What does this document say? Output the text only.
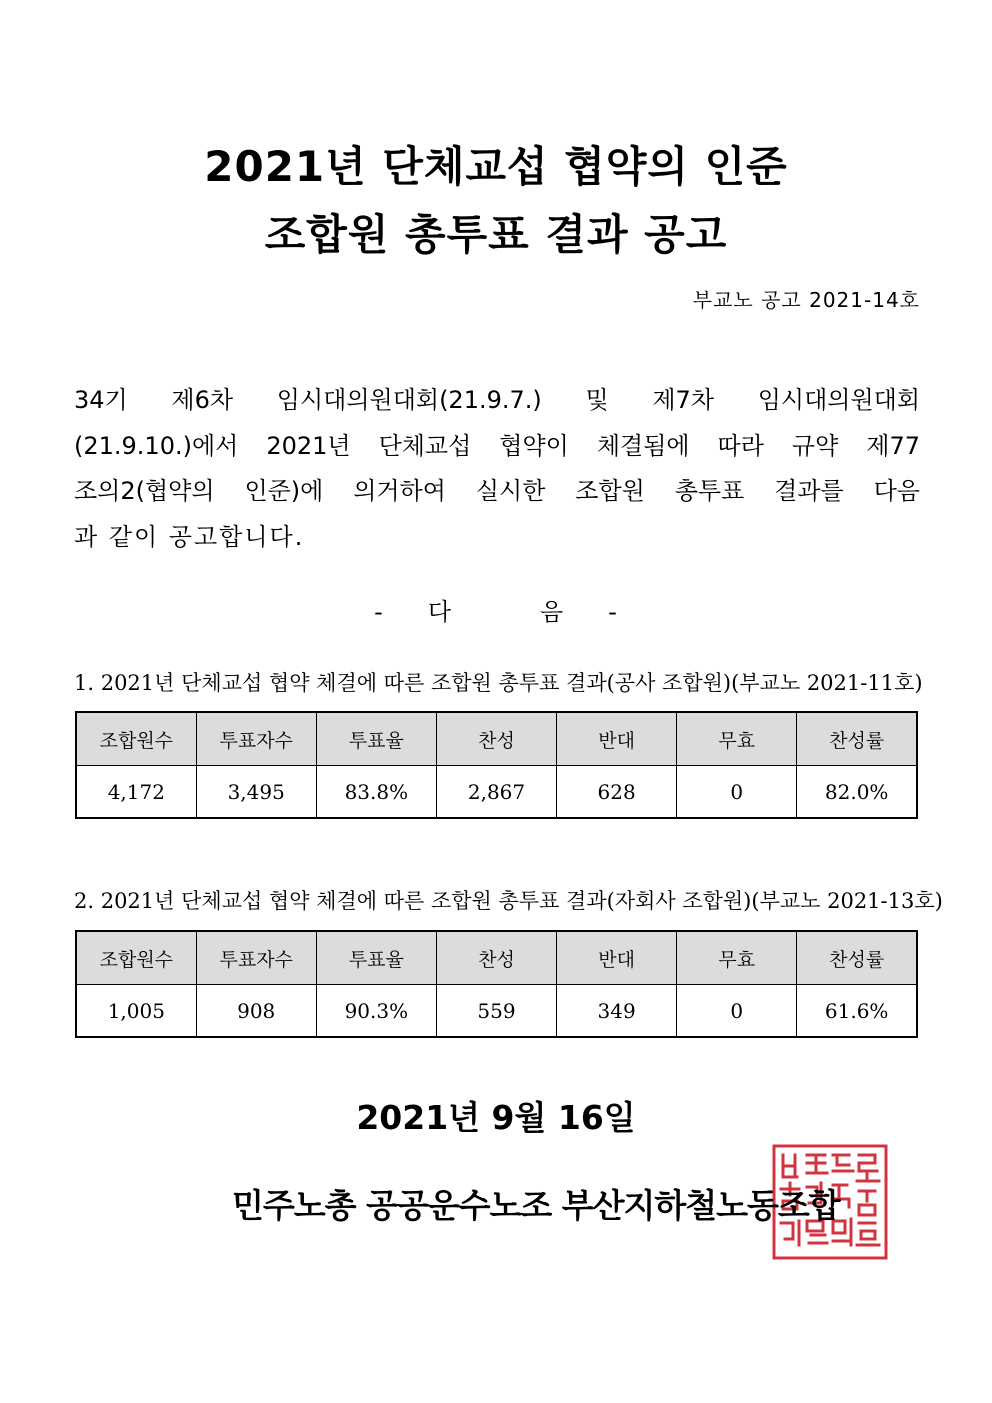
2021년 단체교섭 협약의 인준
조합원 총투표 결과 공고
부교노 공고 2021-14호
34기 제6차 임시대의원대회(21.9.7.) 및 제7차 임시대의원대회
(21.9.10.)에서 2021년 단체교섭 협약이 체결됨에 따라 규약 제77
조의2(협약의 인준)에 의거하여 실시한 조합원 총투표 결과를 다음
과 같이 공고합니다.
- 다	음 -
1. 2021년 단체교섭 협약 체결에 따른 조합원 총투표 결과(공사 조합원)(부교노 2021-11호)
조합원수	투표자수	투표율	찬성	반대	무효	찬성률
4,172	3,495	83.8%	2,867	628	0	82.0%
2. 2021년 단체교섭 협약 체결에 따른 조합원 총투표 결과(자회사 조합원)(부교노 2021-13호)
조합원수	투표자수	투표율	찬성	반대	무효	찬성률
1,005	908	90.3%	559	349	0	61.6%
2021년 9월 16일
민주노총 공공운수노조 부산지하철노동조합
